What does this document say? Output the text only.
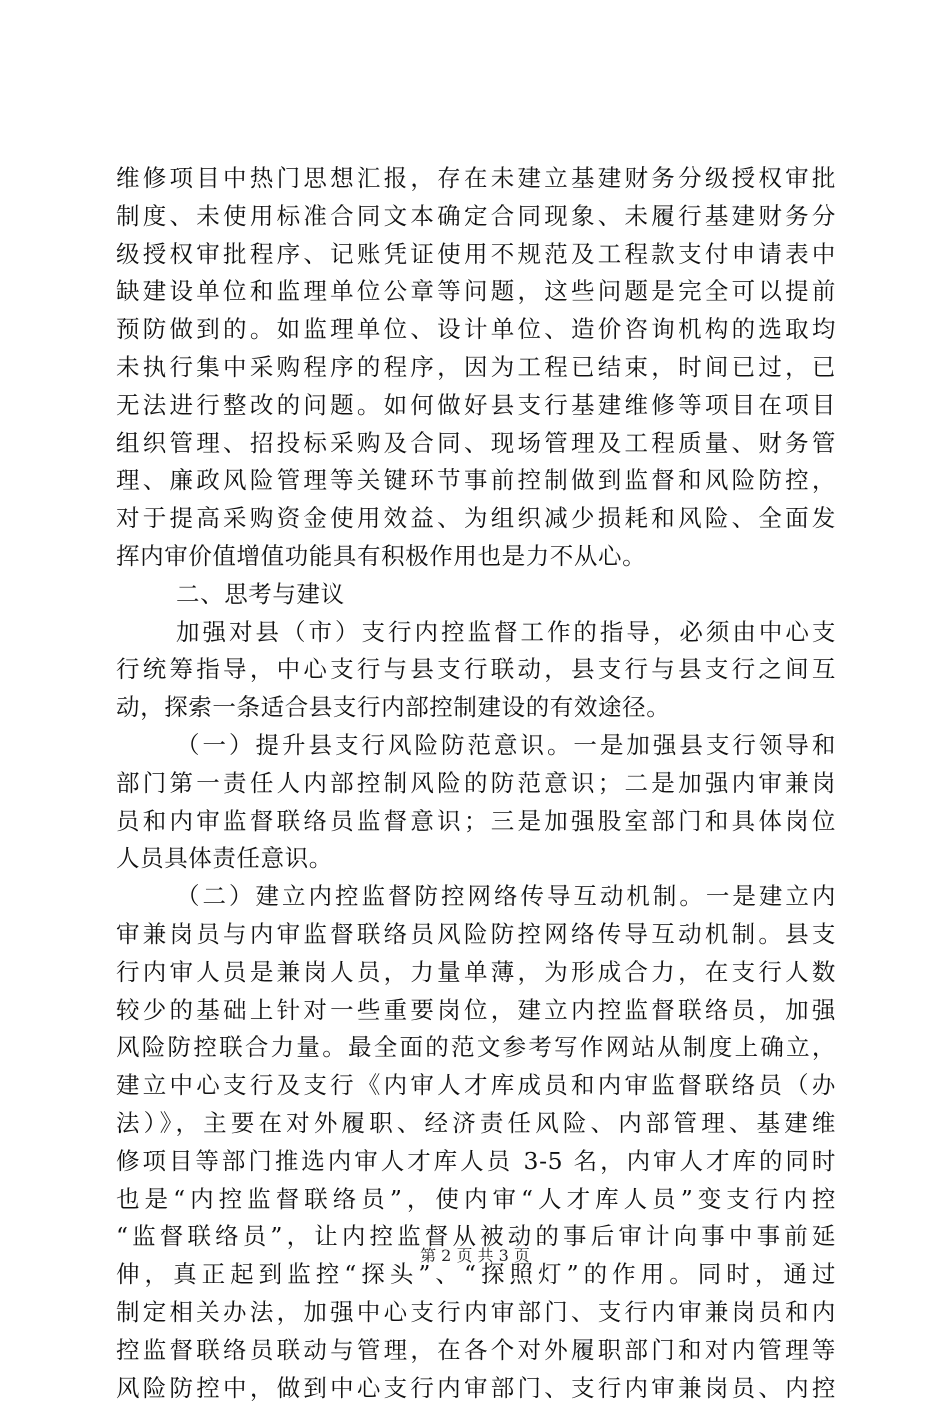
维修项目中热门思想汇报，存在未建立基建财务分级授权审批
制度、未使用标准合同文本确定合同现象、未履行基建财务分
级授权审批程序、记账凭证使用不规范及工程款支付申请表中
缺建设单位和监理单位公章等问题，这些问题是完全可以提前
预防做到的。如监理单位、设计单位、造价咨询机构的选取均
未执行集中采购程序的程序，因为工程已结束，时间已过，已
无法进行整改的问题。如何做好县支行基建维修等项目在项目
组织管理、招投标采购及合同、现场管理及工程质量、财务管
理、廉政风险管理等关键环节事前控制做到监督和风险防控，
对于提高采购资金使用效益、为组织减少损耗和风险、全面发
挥内审价值增值功能具有积极作用也是力不从心。
二、思考与建议
加强对县（市）支行内控监督工作的指导，必须由中心支
行统筹指导，中心支行与县支行联动，县支行与县支行之间互
动，探索一条适合县支行内部控制建设的有效途径。
（一）提升县支行风险防范意识。一是加强县支行领导和
部门第一责任人内部控制风险的防范意识；二是加强内审兼岗
员和内审监督联络员监督意识；三是加强股室部门和具体岗位
人员具体责任意识。
（二）建立内控监督防控网络传导互动机制。一是建立内
审兼岗员与内审监督联络员风险防控网络传导互动机制。县支
行内审人员是兼岗人员，力量单薄，为形成合力，在支行人数
较少的基础上针对一些重要岗位，建立内控监督联络员，加强
风险防控联合力量。最全面的范文参考写作网站从制度上确立，
建立中心支行及支行《内审人才库成员和内审监督联络员（办
法）》，主要在对外履职、经济责任风险、内部管理、基建维
修项目等部门推选内审人才库人员 3-5 名，内审人才库的同时
也是“内控监督联络员”，使内审“人才库人员”变支行内控
“监督联络员”，让内控监督从被动的事后审计向事中事前延
伸，真正起到监控“探头”、“探照灯”的作用。同时，通过
制定相关办法，加强中心支行内审部门、支行内审兼岗员和内
控监督联络员联动与管理，在各个对外履职部门和对内管理等
风险防控中，做到中心支行内审部门、支行内审兼岗员、内控
第 2 页 共 3 页
